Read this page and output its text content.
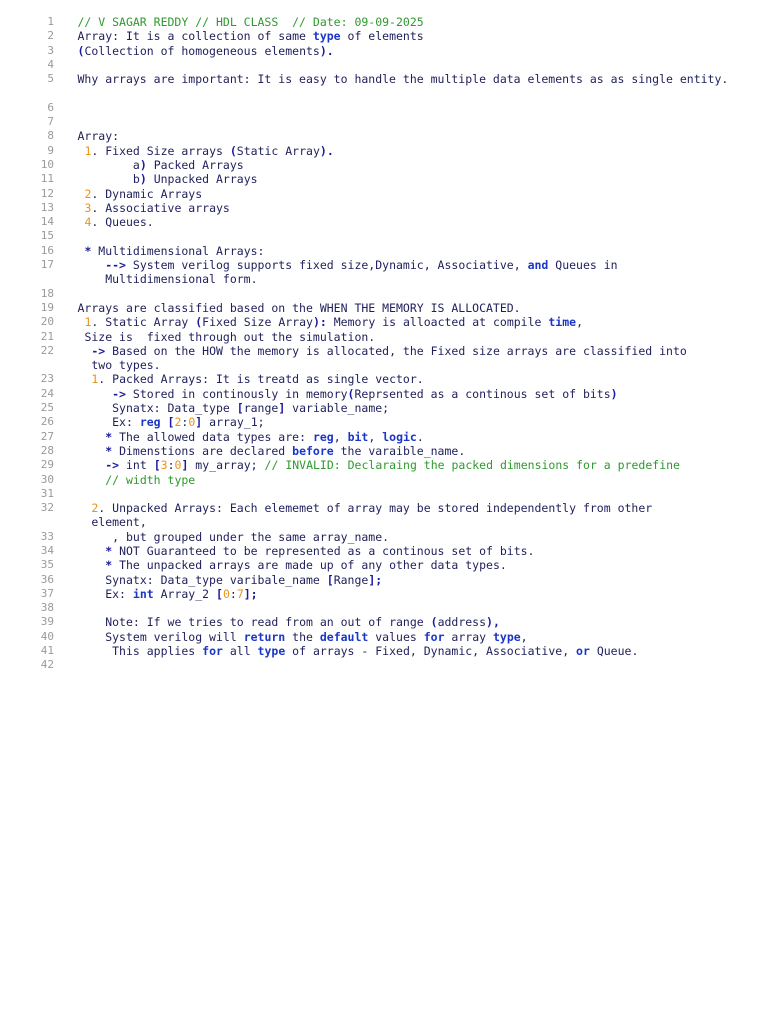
1 // V SAGAR REDDY // HDL CLASS  // Date: 09-09-2025
2 Array: It is a collection of same type of elements
3 (Collection of homogeneous elements).
4
5 Why arrays are important: It is easy to handle the multiple data elements as as single entity.
6
7
8 Array:
9	1. Fixed Size arrays (Static Array).
10 a) Packed Arrays
11 b) Unpacked Arrays
12	2. Dynamic Arrays
13	3. Associative arrays
14	4. Queues.
15
16	* Multidimensional Arrays:
17	--> System verilog supports fixed size,Dynamic, Associative, and Queues in
Multidimensional form.
18
19 Arrays are classified based on the WHEN THE MEMORY IS ALLOCATED.
20	1. Static Array (Fixed Size Array): Memory is alloacted at compile time,
21 Size is  fixed through out the simulation.
22	-> Based on the HOW the memory is allocated, the Fixed size arrays are classified into
two types.
23	1. Packed Arrays: It is treatd as single vector.
24	-> Stored in continously in memory(Reprsented as a continous set of bits)
25 Synatx: Data_type [range] variable_name;
26 Ex: reg [2:0] array_1;
27	* The allowed data types are: reg, bit, logic.
28	* Dimenstions are declared before the varaible_name.
29	-> int [3:0] my_array; // INVALID: Declaraing the packed dimensions for a predefine
30	// width type
31
32	2. Unpacked Arrays: Each elememet of array may be stored independently from other
element,
33 , but grouped under the same array_name.
34	* NOT Guaranteed to be represented as a continous set of bits.
35	* The unpacked arrays are made up of any other data types.
36 Synatx: Data_type varibale_name [Range];
37 Ex: int Array_2 [0:7];
38
39 Note: If we tries to read from an out of range (address),
40 System verilog will return the default values for array type,
41 This applies for all type of arrays - Fixed, Dynamic, Associative, or Queue.
42
